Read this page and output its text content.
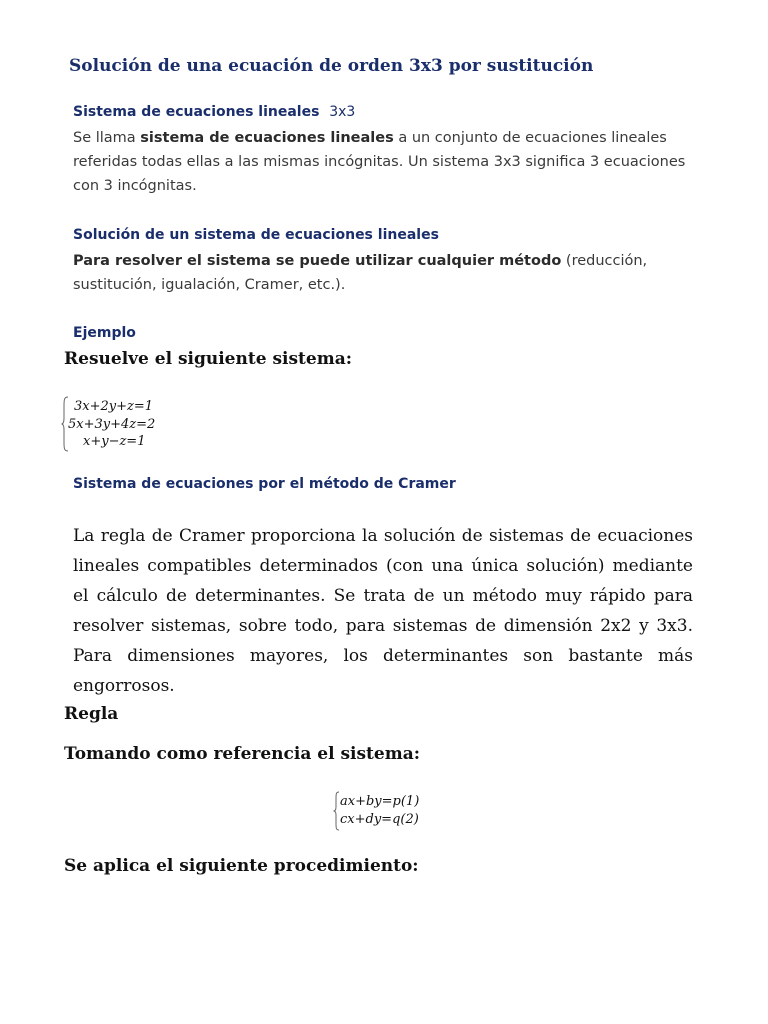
Solución de una ecuación de orden 3x3 por sustitución
Sistema de ecuaciones lineales 3x3
Se llama sistema de ecuaciones lineales a un conjunto de ecuaciones lineales referidas todas ellas a las mismas incógnitas. Un sistema 3x3 significa 3 ecuaciones con 3 incógnitas.
Solución de un sistema de ecuaciones lineales
Para resolver el sistema se puede utilizar cualquier método (reducción, sustitución, igualación, Cramer, etc.).
Ejemplo
Resuelve el siguiente sistema:
3x+2y+z=1
5x+3y+4z=2
x+y−z=1
Sistema de ecuaciones por el método de Cramer
La regla de Cramer proporciona la solución de sistemas de ecuaciones lineales compatibles determinados (con una única solución) mediante el cálculo de determinantes. Se trata de un método muy rápido para resolver sistemas, sobre todo, para sistemas de dimensión 2x2 y 3x3. Para dimensiones mayores, los determinantes son bastante más engorrosos.
Regla
Tomando como referencia el sistema:
ax+by=p(1)
cx+dy=q(2)
Se aplica el siguiente procedimiento:
